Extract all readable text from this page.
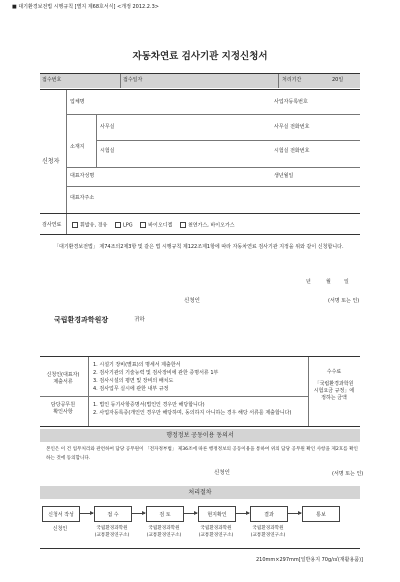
■ 대기환경보전법 시행규칙 [별지 제68호서식] <개정 2012.2.3>
자동차연료 검사기관 지정신청서
접수번호	접수일자	처리기간	20일
신청자
업체명	사업자등록번호
소재지
사무실	사무실 전화번호
시험실	시험실 전화번호
대표자성명	생년월일
대표자주소
검사연료	휘발유, 경유	LPG	바이오디젤	천연가스, 바이오가스
「대기환경보전법」 제74조의2제3항 및 같은 법 시행규칙 제122조제1항에 따라 자동차연료 검사기관 지정을 위와 같이 신청합니다.
년	월	일
신청인	(서명 또는 인)
국립환경과학원장	귀하
신청인(대표자)
제출서류
1. 시설기 장비(별표)의 명세서 제출한서
2. 검사기관의 기술능력 및 검사장비에 관한 증명서류 1부
3. 검사시설의 평면 및 장비의 배치도
4. 검사업무 실시에 관한 내부 규정
담당공무원
확인사항
1. 법인 등기사항증명서(법인인 경우만 해당합니다)
2. 사업자등록증(개인인 경우만 해당하며, 동의하지 아니하는 경우 해당 서류를 제출합니다)
수수료
「국립환경과학원
시험요금 규정」에
정하는 금액
행정정보 공동이용 동의서
본인은 이 건 업무처리와 관련하여 담당 공무원이 「전자정부법」 제36조에 따른 행정정보의 공동이용을 통하여 위의 담당 공무원 확인 사항을 제2호를 확인하는 것에 동의합니다.
신청인	(서명 또는 인)
처리절차
신청서 작성	접 수	검 토	현지확인	결과	통보
신청인	국립환경과학원
(교통환경연구소)
국립환경과학원
(교통환경연구소)
국립환경과학원
(교통환경연구소)
국립환경과학원
(교통환경연구소)
210mm×297mm[일반용지 70g/㎡(재활용품)]
